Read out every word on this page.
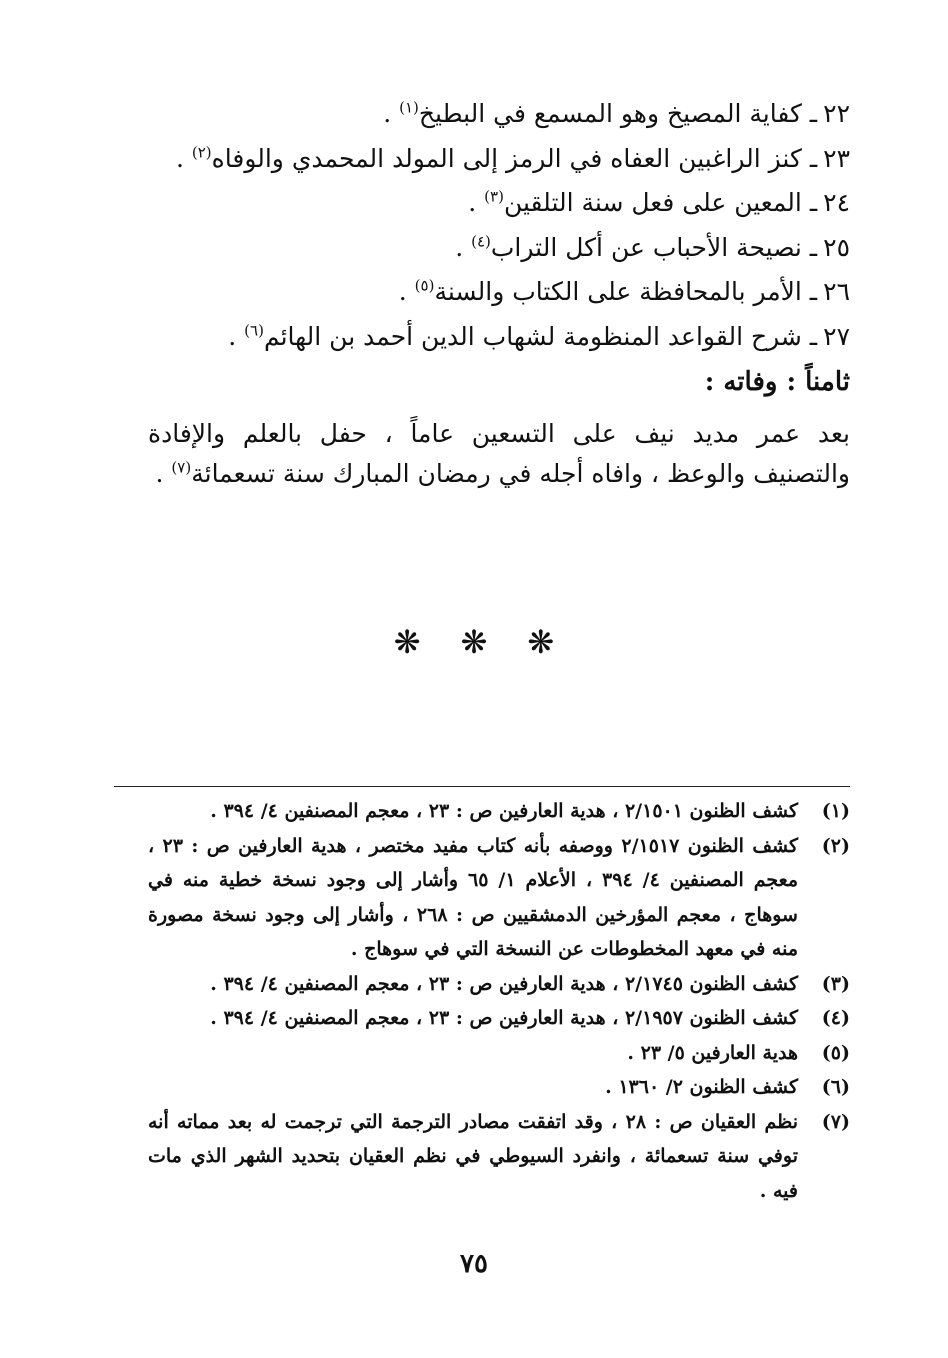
٢٢ـ كفاية المصيخ وهو المسمع في البطيخ$^{(١)}$ .
٢٣ـ كنز الراغبين العفاه في الرمز إلى المولد المحمدي والوفاه$^{(٢)}$ .
٢٤ـ المعين على فعل سنة التلقين$^{(٣)}$ .
٢٥ـ نصيحة الأحباب عن أكل التراب$^{(٤)}$ .
٢٦ـ الأمر بالمحافظة على الكتاب والسنة$^{(٥)}$ .
٢٧ـ شرح القواعد المنظومة لشهاب الدين أحمد بن الهائم$^{(٦)}$ .
ثامناً : وفاته :

بعد عمر مديد نيف على التسعين عاماً ، حفل بالعلم والإفادة والتصنيف والوعظ ، وافاه أجله في رمضان المبارك سنة تسعمائة$^{(٧)}$ .

❋ ❋ ❋
(١)
كشف الظنون ٢/١٥٠١ ، هدية العارفين ص : ٢٣ ، معجم المصنفين ٤/ ٣٩٤ .
(٢)
كشف الظنون ٢/١٥١٧ ووصفه بأنه كتاب مفيد مختصر ، هدية العارفين ص : ٢٣ ، معجم المصنفين ٤/ ٣٩٤ ، الأعلام ١/ ٦٥ وأشار إلى وجود نسخة خطية منه في سوهاج ، معجم المؤرخين الدمشقيين ص : ٢٦٨ ، وأشار إلى وجود نسخة مصورة منه في معهد المخطوطات عن النسخة التي في سوهاج .
(٣)
كشف الظنون ٢/١٧٤٥ ، هدية العارفين ص : ٢٣ ، معجم المصنفين ٤/ ٣٩٤ .
(٤)
كشف الظنون ٢/١٩٥٧ ، هدية العارفين ص : ٢٣ ، معجم المصنفين ٤/ ٣٩٤ .
(٥)
هدية العارفين ٥/ ٢٣ .
(٦)
كشف الظنون ٢/ ١٣٦٠ .
(٧)
نظم العقيان ص : ٢٨ ، وقد اتفقت مصادر الترجمة التي ترجمت له بعد مماته أنه توفي سنة تسعمائة ، وانفرد السيوطي في نظم العقيان بتحديد الشهر الذي مات فيه .
٧٥
